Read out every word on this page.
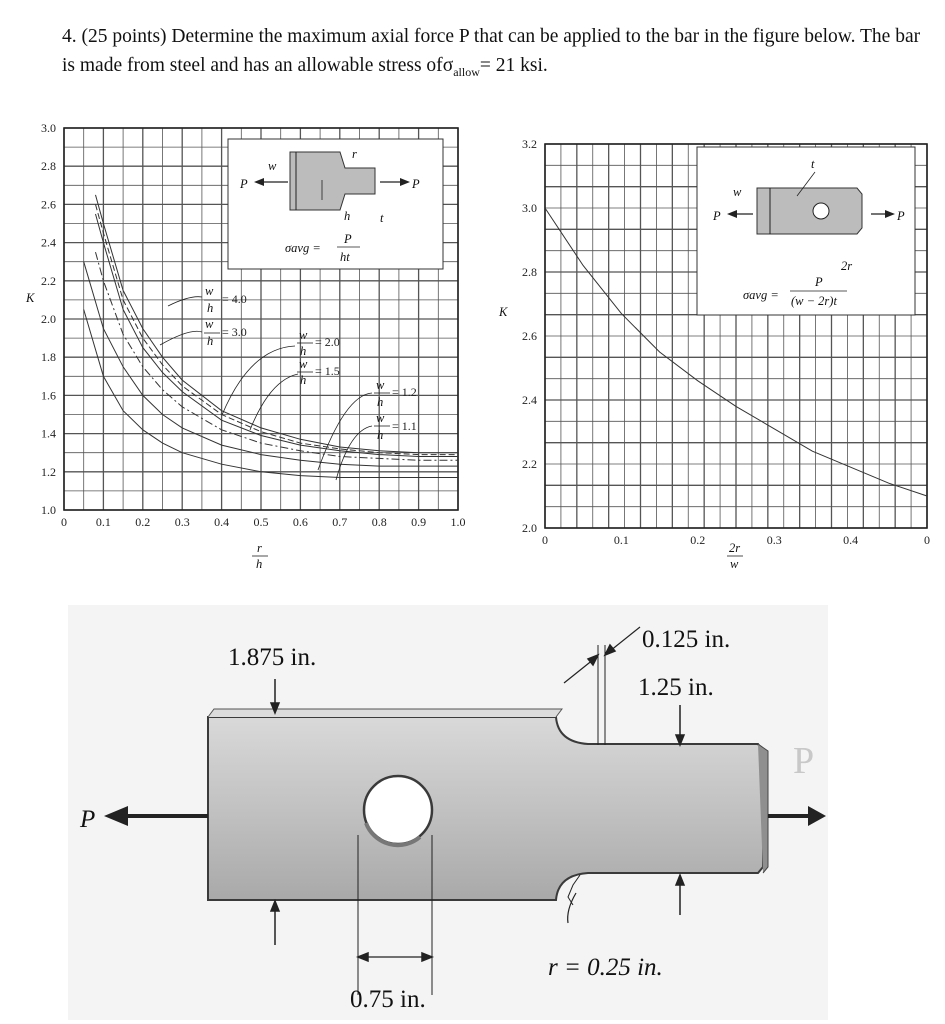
4. (25 points) Determine the maximum axial force P that can be applied to the bar in the figure below. The bar is made from steel and has an allowable stress ofσ$_{allow}$= 21 ksi.
0 0.1 0.2 0.3 0.4 0.5 0.6 0.7 0.8 0.9 1.0
1.0
1.2
1.4
1.6
1.8
2.0
2.2
2.4
2.6
2.8
3.0
w
h
= 4.0
w
h
= 3.0	w
h
= 2.0
w
h
= 1.5
w
h
= 1.2
w
h
= 1.1
P	P
w
r
h t
σavg =
P
ht
K
r
h
0	0.1	0.2	0.3	0.4	0
2.0
2.2
2.4
2.6
2.8
3.0
3.2
P	P
w
t
2r
σavg =
P
(w − 2r)t
K
2r
w
P
P
1.875 in.
0.125 in.
1.25 in.
0.75 in.
r = 0.25 in.
